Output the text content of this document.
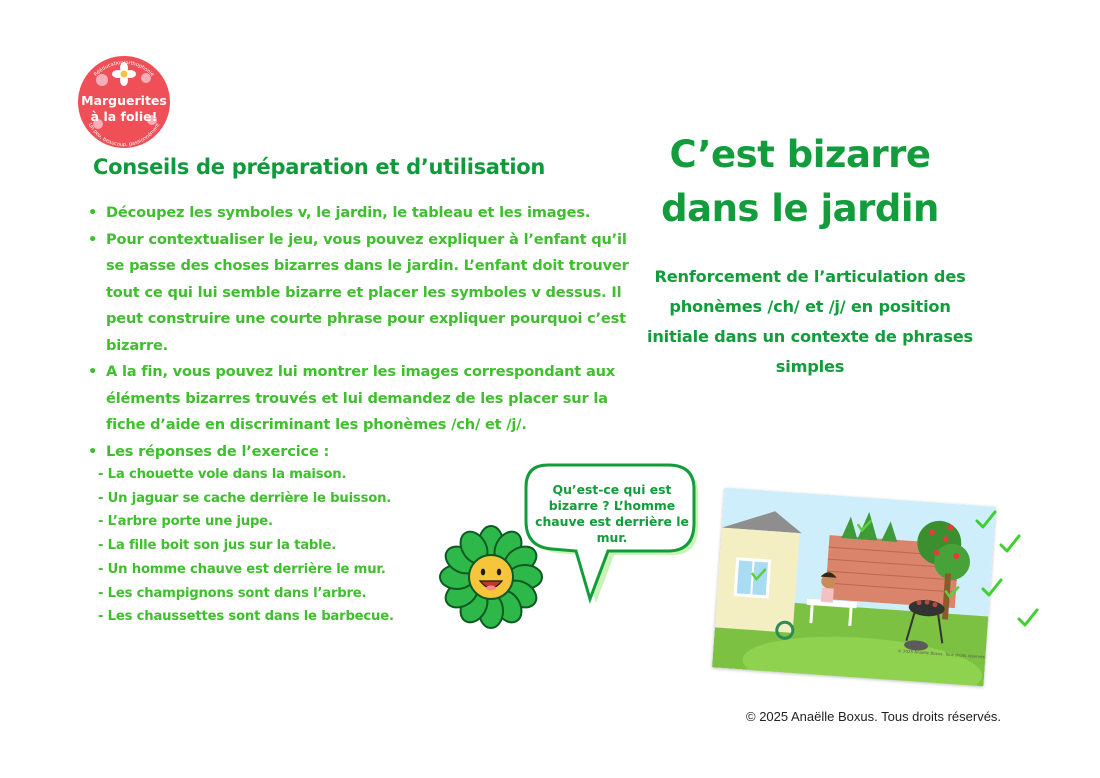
Rééducation/orthophonie
Marguerites
à la folie!
Un peu, beaucoup, passionnément
Conseils de préparation et d’utilisation
• Découpez les symboles v, le jardin, le tableau et les images.
• Pour contextualiser le jeu, vous pouvez expliquer à l’enfant qu’il se passe des choses bizarres dans le jardin. L’enfant doit trouver tout ce qui lui semble bizarre et placer les symboles v dessus. Il peut construire une courte phrase pour expliquer pourquoi c’est bizarre.
• A la fin, vous pouvez lui montrer les images correspondant aux éléments bizarres trouvés et lui demandez de les placer sur la fiche d’aide en discriminant les phonèmes /ch/ et /j/.
• Les réponses de l’exercice :
- La chouette vole dans la maison.
- Un jaguar se cache derrière le buisson.
- L’arbre porte une jupe.
- La fille boit son jus sur la table.
- Un homme chauve est derrière le mur.
- Les champignons sont dans l’arbre.
- Les chaussettes sont dans le barbecue.
C’est bizarre dans le jardin
Renforcement de l’articulation des phonèmes /ch/ et /j/ en position initiale dans un contexte de phrases simples
Qu’est-ce qui est bizarre ? L’homme chauve est derrière le mur.
© 2025 Anaëlle Boxus. Tous droits réservés.
© 2025 Anaëlle Boxus. Tous droits réservés.
